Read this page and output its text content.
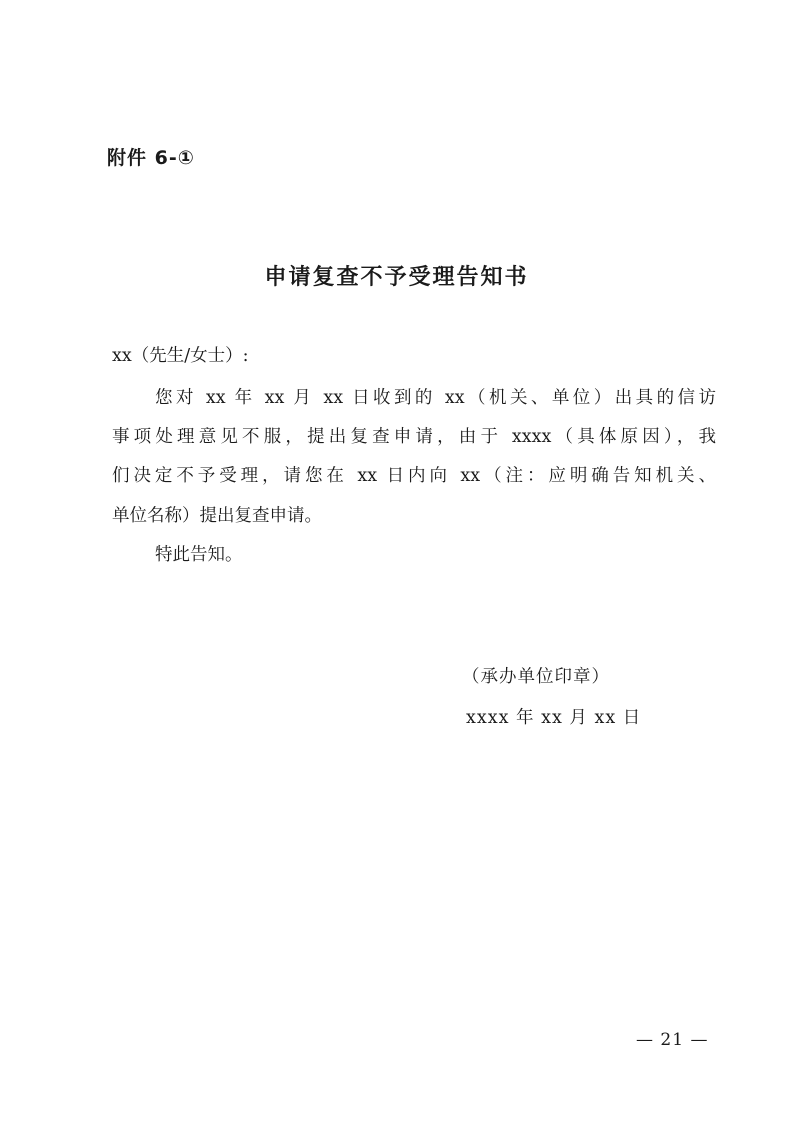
附件 6-①
申请复查不予受理告知书
xx（先生/女士）:
您对 xx 年 xx 月 xx 日收到的 xx（机关、单位）出具的信访
事项处理意见不服，提出复查申请，由于 xxxx（具体原因），我
们决定不予受理，请您在 xx 日内向 xx（注：应明确告知机关、
单位名称）提出复查申请。
特此告知。
（承办单位印章）
xxxx 年 xx 月 xx 日
— 21 —
